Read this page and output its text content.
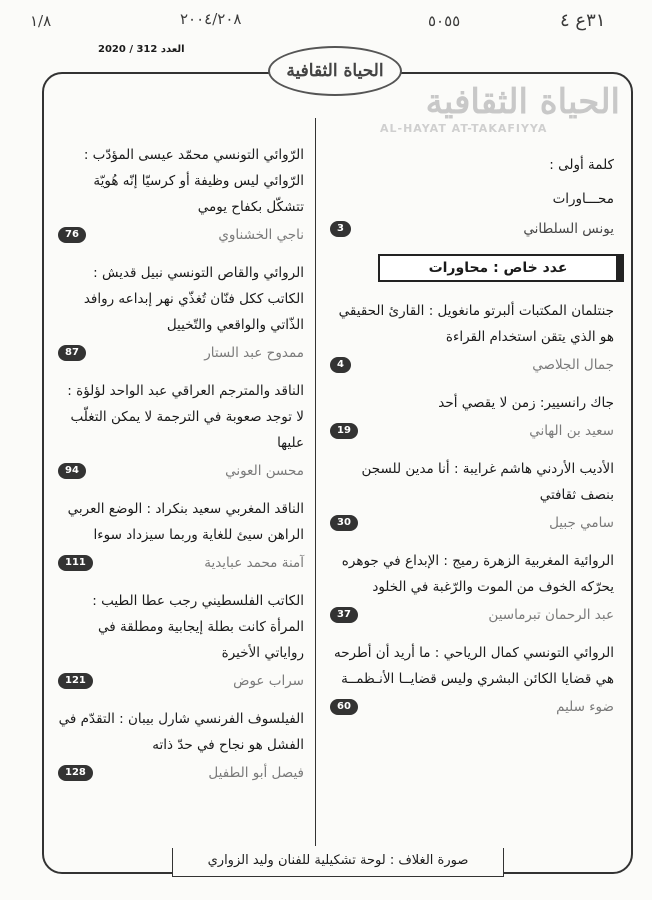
١/٨	٢٠٠٤/٢٠٨	٥٠٥٥	٣١ع ٤
العدد 312 / 2020
الحياة الثقافية
الحياة الثقافية
AL-HAYAT AT-TAKAFIYYA

كلمة أولى :

محـــاورات

يونس السلطاني
3
عدد خاص : محاورات

جنتلمان المكتبات ألبرتو مانغويل : القارئ الحقيقي هو الذي يتقن استخدام القراءة

جمال الجلاصي
4

جاك رانسيير: زمن لا يقصي أحد

سعيد بن الهاني
19

الأديب الأردني هاشم غرايبة : أنا مدين للسجن بنصف ثقافتي

سامي جبيل
30

الروائية المغربية الزهرة رميج : الإبداع في جوهره يحرّكه الخوف من الموت والرّغبة في الخلود

عبد الرحمان تبرماسين
37

الروائي التونسي كمال الرياحي : ما أريد أن أطرحه هي قضايا الكائن البشري وليس قضايــا الأنـظمــة

ضوء سليم
60

الرّوائي التونسي محمّد عيسى المؤدّب : الرّوائي ليس وظيفة أو كرسيّا إنّه هُويّة تتشكّل بكفاح يومي

ناجي الخشناوي
76

الروائي والقاص التونسي نبيل قديش : الكاتب ككل فنّان تُغذّي نهر إبداعه روافد الذّاتي والواقعي والتّخييل

ممدوح عبد الستار
87

الناقد والمترجم العراقي عبد الواحد لؤلؤة : لا توجد صعوبة في الترجمة لا يمكن التغلّب عليها

محسن العوني
94

الناقد المغربي سعيد بنكراد : الوضع العربي الراهن سيئ للغاية وربما سيزداد سوءا

آمنة محمد عبايدية
111

الكاتب الفلسطيني رجب عطا الطيب : المرأة كانت بطلة إيجابية ومطلقة في رواياتي الأخيرة

سراب عوض
121

الفيلسوف الفرنسي شارل بيبان : التقدّم في الفشل هو نجاح في حدّ ذاته

فيصل أبو الطفيل
128
صورة الغلاف : لوحة تشكيلية للفنان وليد الزواري
